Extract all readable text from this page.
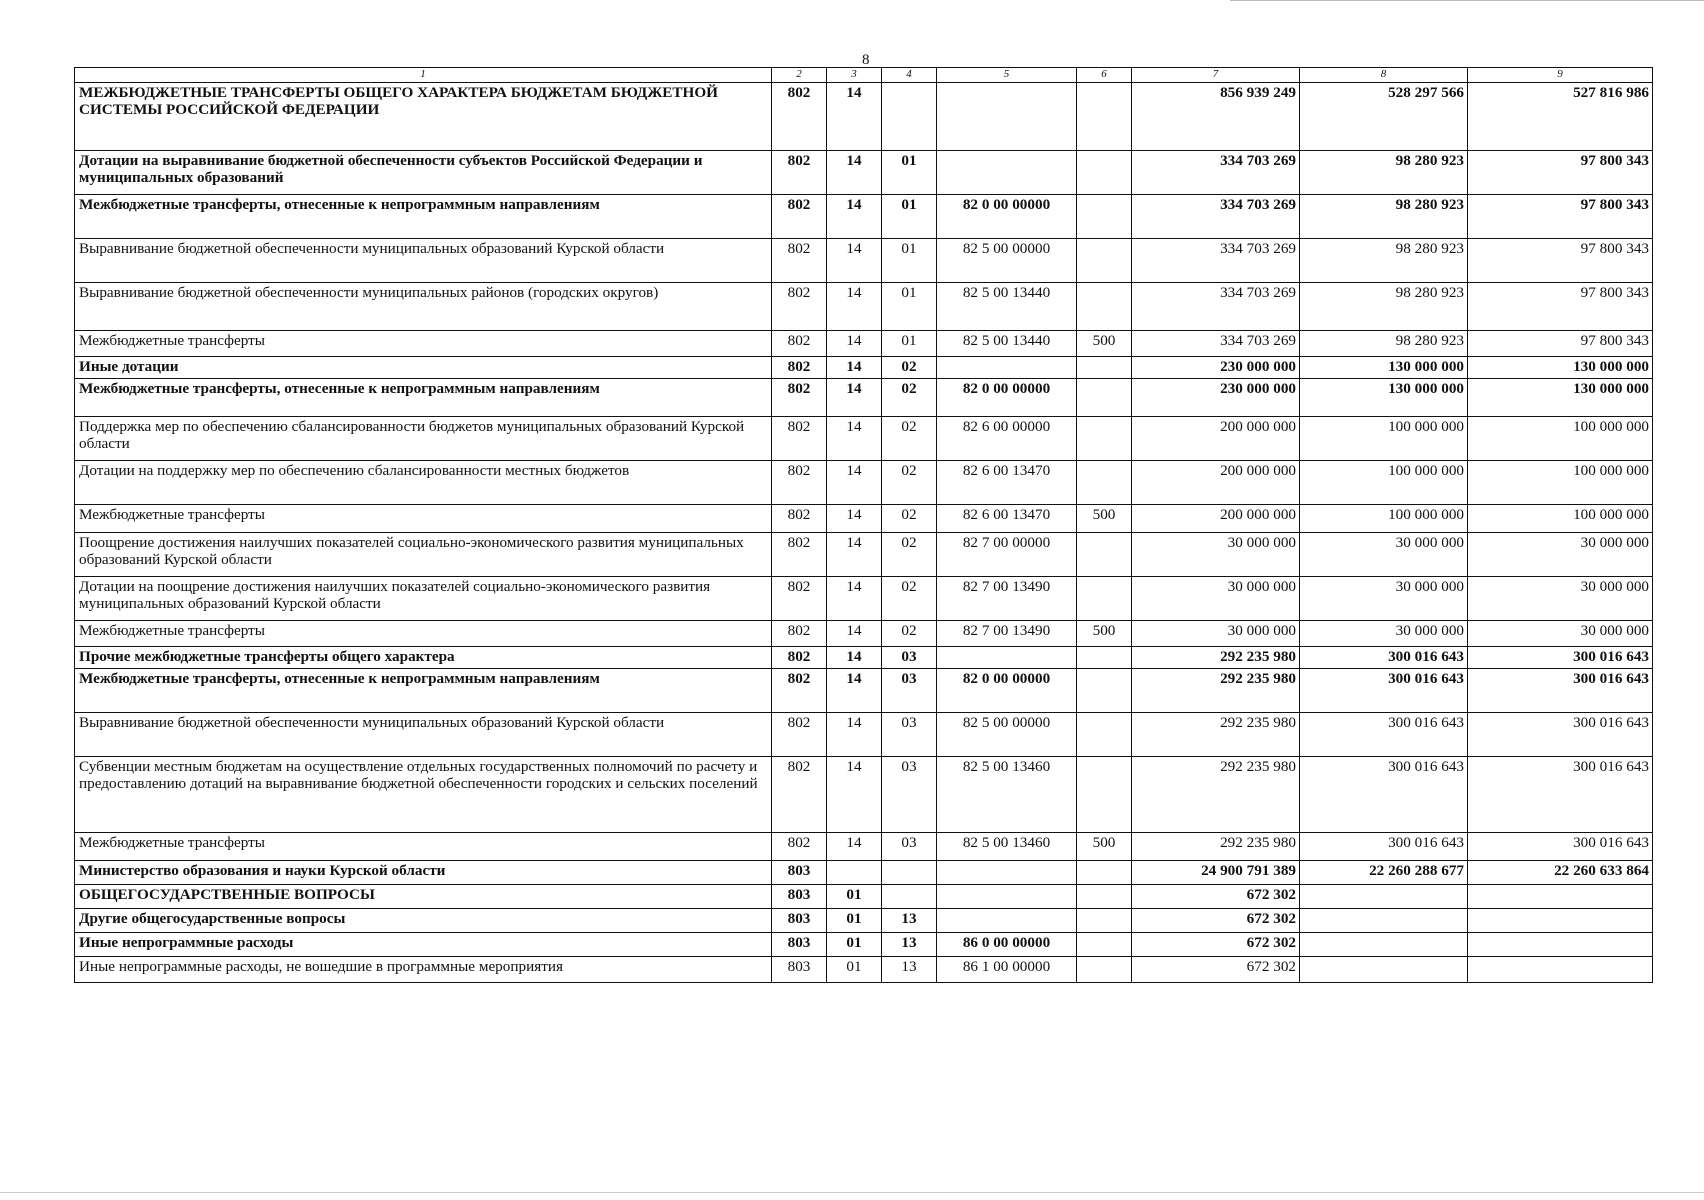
8
1	2	3	4	5	6	7	8	9
МЕЖБЮДЖЕТНЫЕ ТРАНСФЕРТЫ ОБЩЕГО ХАРАКТЕРА БЮДЖЕТАМ БЮДЖЕТНОЙ СИСТЕМЫ РОССИЙСКОЙ ФЕДЕРАЦИИ	802	14				856 939 249	528 297 566	527 816 986
Дотации на выравнивание бюджетной обеспеченности субъектов Российской Федерации и муниципальных образований	802	14	01			334 703 269	98 280 923	97 800 343
Межбюджетные трансферты, отнесенные к непрограммным направлениям	802	14	01	82 0 00 00000		334 703 269	98 280 923	97 800 343
Выравнивание бюджетной обеспеченности муниципальных образований Курской области	802	14	01	82 5 00 00000		334 703 269	98 280 923	97 800 343
Выравнивание бюджетной обеспеченности муниципальных районов (городских округов)	802	14	01	82 5 00 13440		334 703 269	98 280 923	97 800 343
Межбюджетные трансферты	802	14	01	82 5 00 13440	500	334 703 269	98 280 923	97 800 343
Иные дотации	802	14	02			230 000 000	130 000 000	130 000 000
Межбюджетные трансферты, отнесенные к непрограммным направлениям	802	14	02	82 0 00 00000		230 000 000	130 000 000	130 000 000
Поддержка мер по обеспечению сбалансированности бюджетов муниципальных образований Курской области	802	14	02	82 6 00 00000		200 000 000	100 000 000	100 000 000
Дотации на поддержку мер по обеспечению сбалансированности местных бюджетов	802	14	02	82 6 00 13470		200 000 000	100 000 000	100 000 000
Межбюджетные трансферты	802	14	02	82 6 00 13470	500	200 000 000	100 000 000	100 000 000
Поощрение достижения наилучших показателей социально-экономического развития муниципальных образований Курской области	802	14	02	82 7 00 00000		30 000 000	30 000 000	30 000 000
Дотации на поощрение достижения наилучших показателей социально-экономического развития муниципальных образований Курской области	802	14	02	82 7 00 13490		30 000 000	30 000 000	30 000 000
Межбюджетные трансферты	802	14	02	82 7 00 13490	500	30 000 000	30 000 000	30 000 000
Прочие межбюджетные трансферты общего характера	802	14	03			292 235 980	300 016 643	300 016 643
Межбюджетные трансферты, отнесенные к непрограммным направлениям	802	14	03	82 0 00 00000		292 235 980	300 016 643	300 016 643
Выравнивание бюджетной обеспеченности муниципальных образований Курской области	802	14	03	82 5 00 00000		292 235 980	300 016 643	300 016 643
Субвенции местным бюджетам на осуществление отдельных государственных полномочий по расчету и предоставлению дотаций на выравнивание бюджетной обеспеченности городских и сельских поселений	802	14	03	82 5 00 13460		292 235 980	300 016 643	300 016 643
Межбюджетные трансферты	802	14	03	82 5 00 13460	500	292 235 980	300 016 643	300 016 643
Министерство образования и науки Курской области	803					24 900 791 389	22 260 288 677	22 260 633 864
ОБЩЕГОСУДАРСТВЕННЫЕ ВОПРОСЫ	803	01				672 302		
Другие общегосударственные вопросы	803	01	13			672 302		
Иные непрограммные расходы	803	01	13	86 0 00 00000		672 302		
Иные непрограммные расходы, не вошедшие в программные мероприятия	803	01	13	86 1 00 00000		672 302		
